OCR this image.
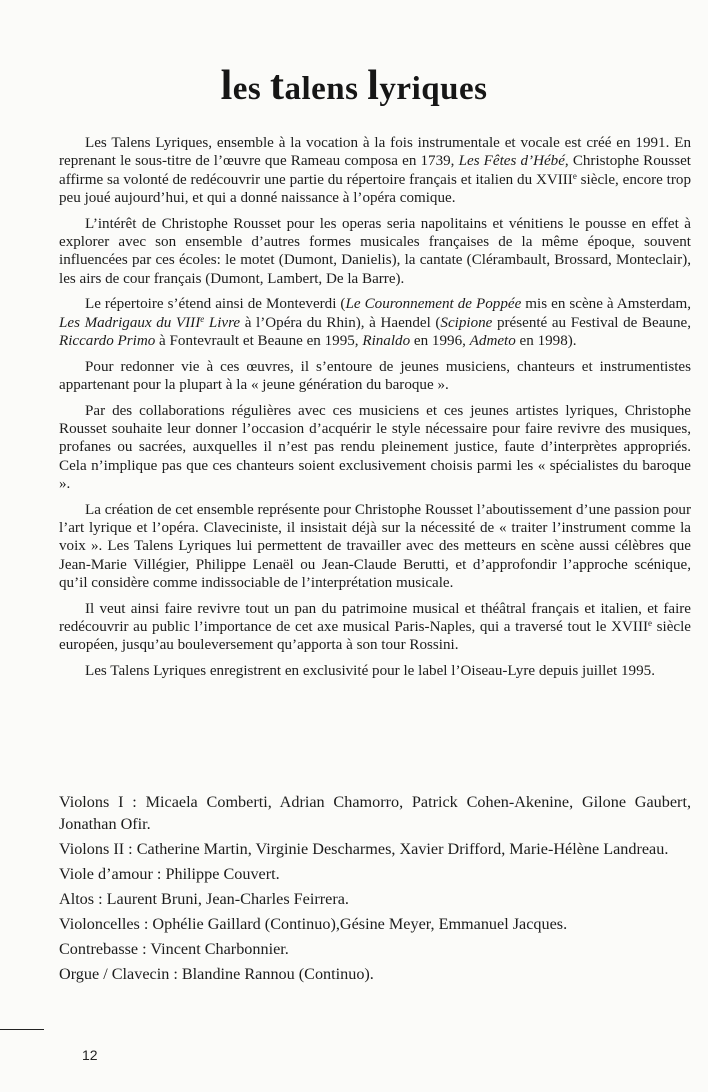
les talens lyriques

Les Talens Lyriques, ensemble à la vocation à la fois instrumentale et vocale est créé en 1991. En reprenant le sous-titre de l’œuvre que Rameau composa en 1739, Les Fêtes d’Hébé, Christophe Rousset affirme sa volonté de redécouvrir une partie du répertoire français et italien du XVIIIe siècle, encore trop peu joué aujourd’hui, et qui a donné naissance à l’opéra comique.

L’intérêt de Christophe Rousset pour les operas seria napolitains et vénitiens le pousse en effet à explorer avec son ensemble d’autres formes musicales françaises de la même époque, souvent influencées par ces écoles: le motet (Dumont, Danielis), la cantate (Clérambault, Brossard, Monteclair), les airs de cour français (Dumont, Lambert, De la Barre).

Le répertoire s’étend ainsi de Monteverdi (Le Couronnement de Poppée mis en scène à Amsterdam, Les Madrigaux du VIIIe Livre à l’Opéra du Rhin), à Haendel (Scipione présenté au Festival de Beaune, Riccardo Primo à Fontevrault et Beaune en 1995, Rinaldo en 1996, Admeto en 1998).

Pour redonner vie à ces œuvres, il s’entoure de jeunes musiciens, chanteurs et instrumentistes appartenant pour la plupart à la « jeune génération du baroque ».

Par des collaborations régulières avec ces musiciens et ces jeunes artistes lyriques, Christophe Rousset souhaite leur donner l’occasion d’acquérir le style nécessaire pour faire revivre des musiques, profanes ou sacrées, auxquelles il n’est pas rendu pleinement justice, faute d’interprètes appropriés. Cela n’implique pas que ces chanteurs soient exclusivement choisis parmi les « spécialistes du baroque ».

La création de cet ensemble représente pour Christophe Rousset l’aboutissement d’une passion pour l’art lyrique et l’opéra. Claveciniste, il insistait déjà sur la nécessité de « traiter l’instrument comme la voix ». Les Talens Lyriques lui permettent de travailler avec des metteurs en scène aussi célèbres que Jean-Marie Villégier, Philippe Lenaël ou Jean-Claude Berutti, et d’approfondir l’approche scénique, qu’il considère comme indissociable de l’interprétation musicale.

Il veut ainsi faire revivre tout un pan du patrimoine musical et théâtral français et italien, et faire redécouvrir au public l’importance de cet axe musical Paris-Naples, qui a traversé tout le XVIIIe siècle européen, jusqu’au bouleversement qu’apporta à son tour Rossini.

Les Talens Lyriques enregistrent en exclusivité pour le label l’Oiseau-Lyre depuis juillet 1995.

Violons I : Micaela Comberti, Adrian Chamorro, Patrick Cohen-Akenine, Gilone Gaubert, Jonathan Ofir.
Violons II : Catherine Martin, Virginie Descharmes, Xavier Drifford, Marie-Hélène Landreau.
Viole d’amour : Philippe Couvert.
Altos : Laurent Bruni, Jean-Charles Feirrera.
Violoncelles : Ophélie Gaillard (Continuo),Gésine Meyer, Emmanuel Jacques.
Contrebasse : Vincent Charbonnier.
Orgue / Clavecin : Blandine Rannou (Continuo).
12
